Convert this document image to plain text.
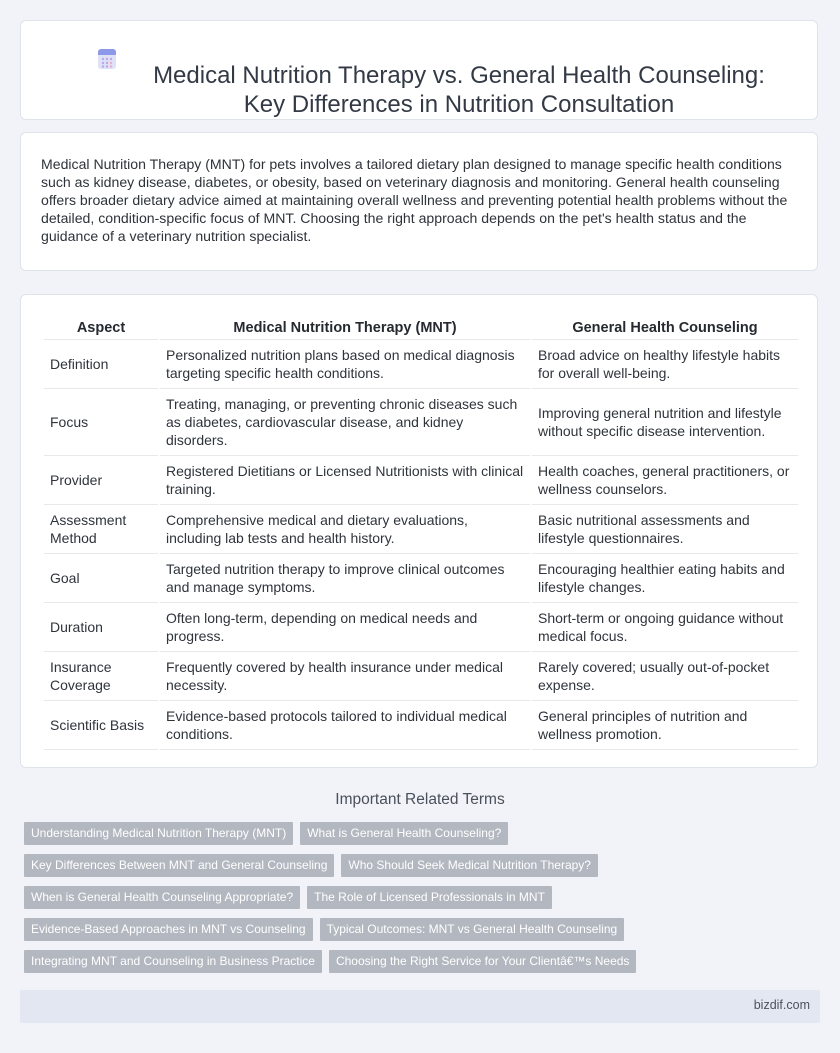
Medical Nutrition Therapy vs. General Health Counseling: Key Differences in Nutrition Consultation

Medical Nutrition Therapy (MNT) for pets involves a tailored dietary plan designed to manage specific health conditions such as kidney disease, diabetes, or obesity, based on veterinary diagnosis and monitoring. General health counseling offers broader dietary advice aimed at maintaining overall wellness and preventing potential health problems without the detailed, condition-specific focus of MNT. Choosing the right approach depends on the pet's health status and the guidance of a veterinary nutrition specialist.

Aspect	Medical Nutrition Therapy (MNT)	General Health Counseling
Definition	Personalized nutrition plans based on medical diagnosis targeting specific health conditions.	Broad advice on healthy lifestyle habits for overall well-being.
Focus	Treating, managing, or preventing chronic diseases such as diabetes, cardiovascular disease, and kidney disorders.	Improving general nutrition and lifestyle without specific disease intervention.
Provider	Registered Dietitians or Licensed Nutritionists with clinical training.	Health coaches, general practitioners, or wellness counselors.
Assessment Method	Comprehensive medical and dietary evaluations, including lab tests and health history.	Basic nutritional assessments and lifestyle questionnaires.
Goal	Targeted nutrition therapy to improve clinical outcomes and manage symptoms.	Encouraging healthier eating habits and lifestyle changes.
Duration	Often long-term, depending on medical needs and progress.	Short-term or ongoing guidance without medical focus.
Insurance Coverage	Frequently covered by health insurance under medical necessity.	Rarely covered; usually out-of-pocket expense.
Scientific Basis	Evidence-based protocols tailored to individual medical conditions.	General principles of nutrition and wellness promotion.
Important Related Terms
Understanding Medical Nutrition Therapy (MNT) What is General Health Counseling?
Key Differences Between MNT and General Counseling Who Should Seek Medical Nutrition Therapy?
When is General Health Counseling Appropriate? The Role of Licensed Professionals in MNT
Evidence-Based Approaches in MNT vs Counseling Typical Outcomes: MNT vs General Health Counseling
Integrating MNT and Counseling in Business Practice Choosing the Right Service for Your Clientâ€™s Needs
bizdif.com
